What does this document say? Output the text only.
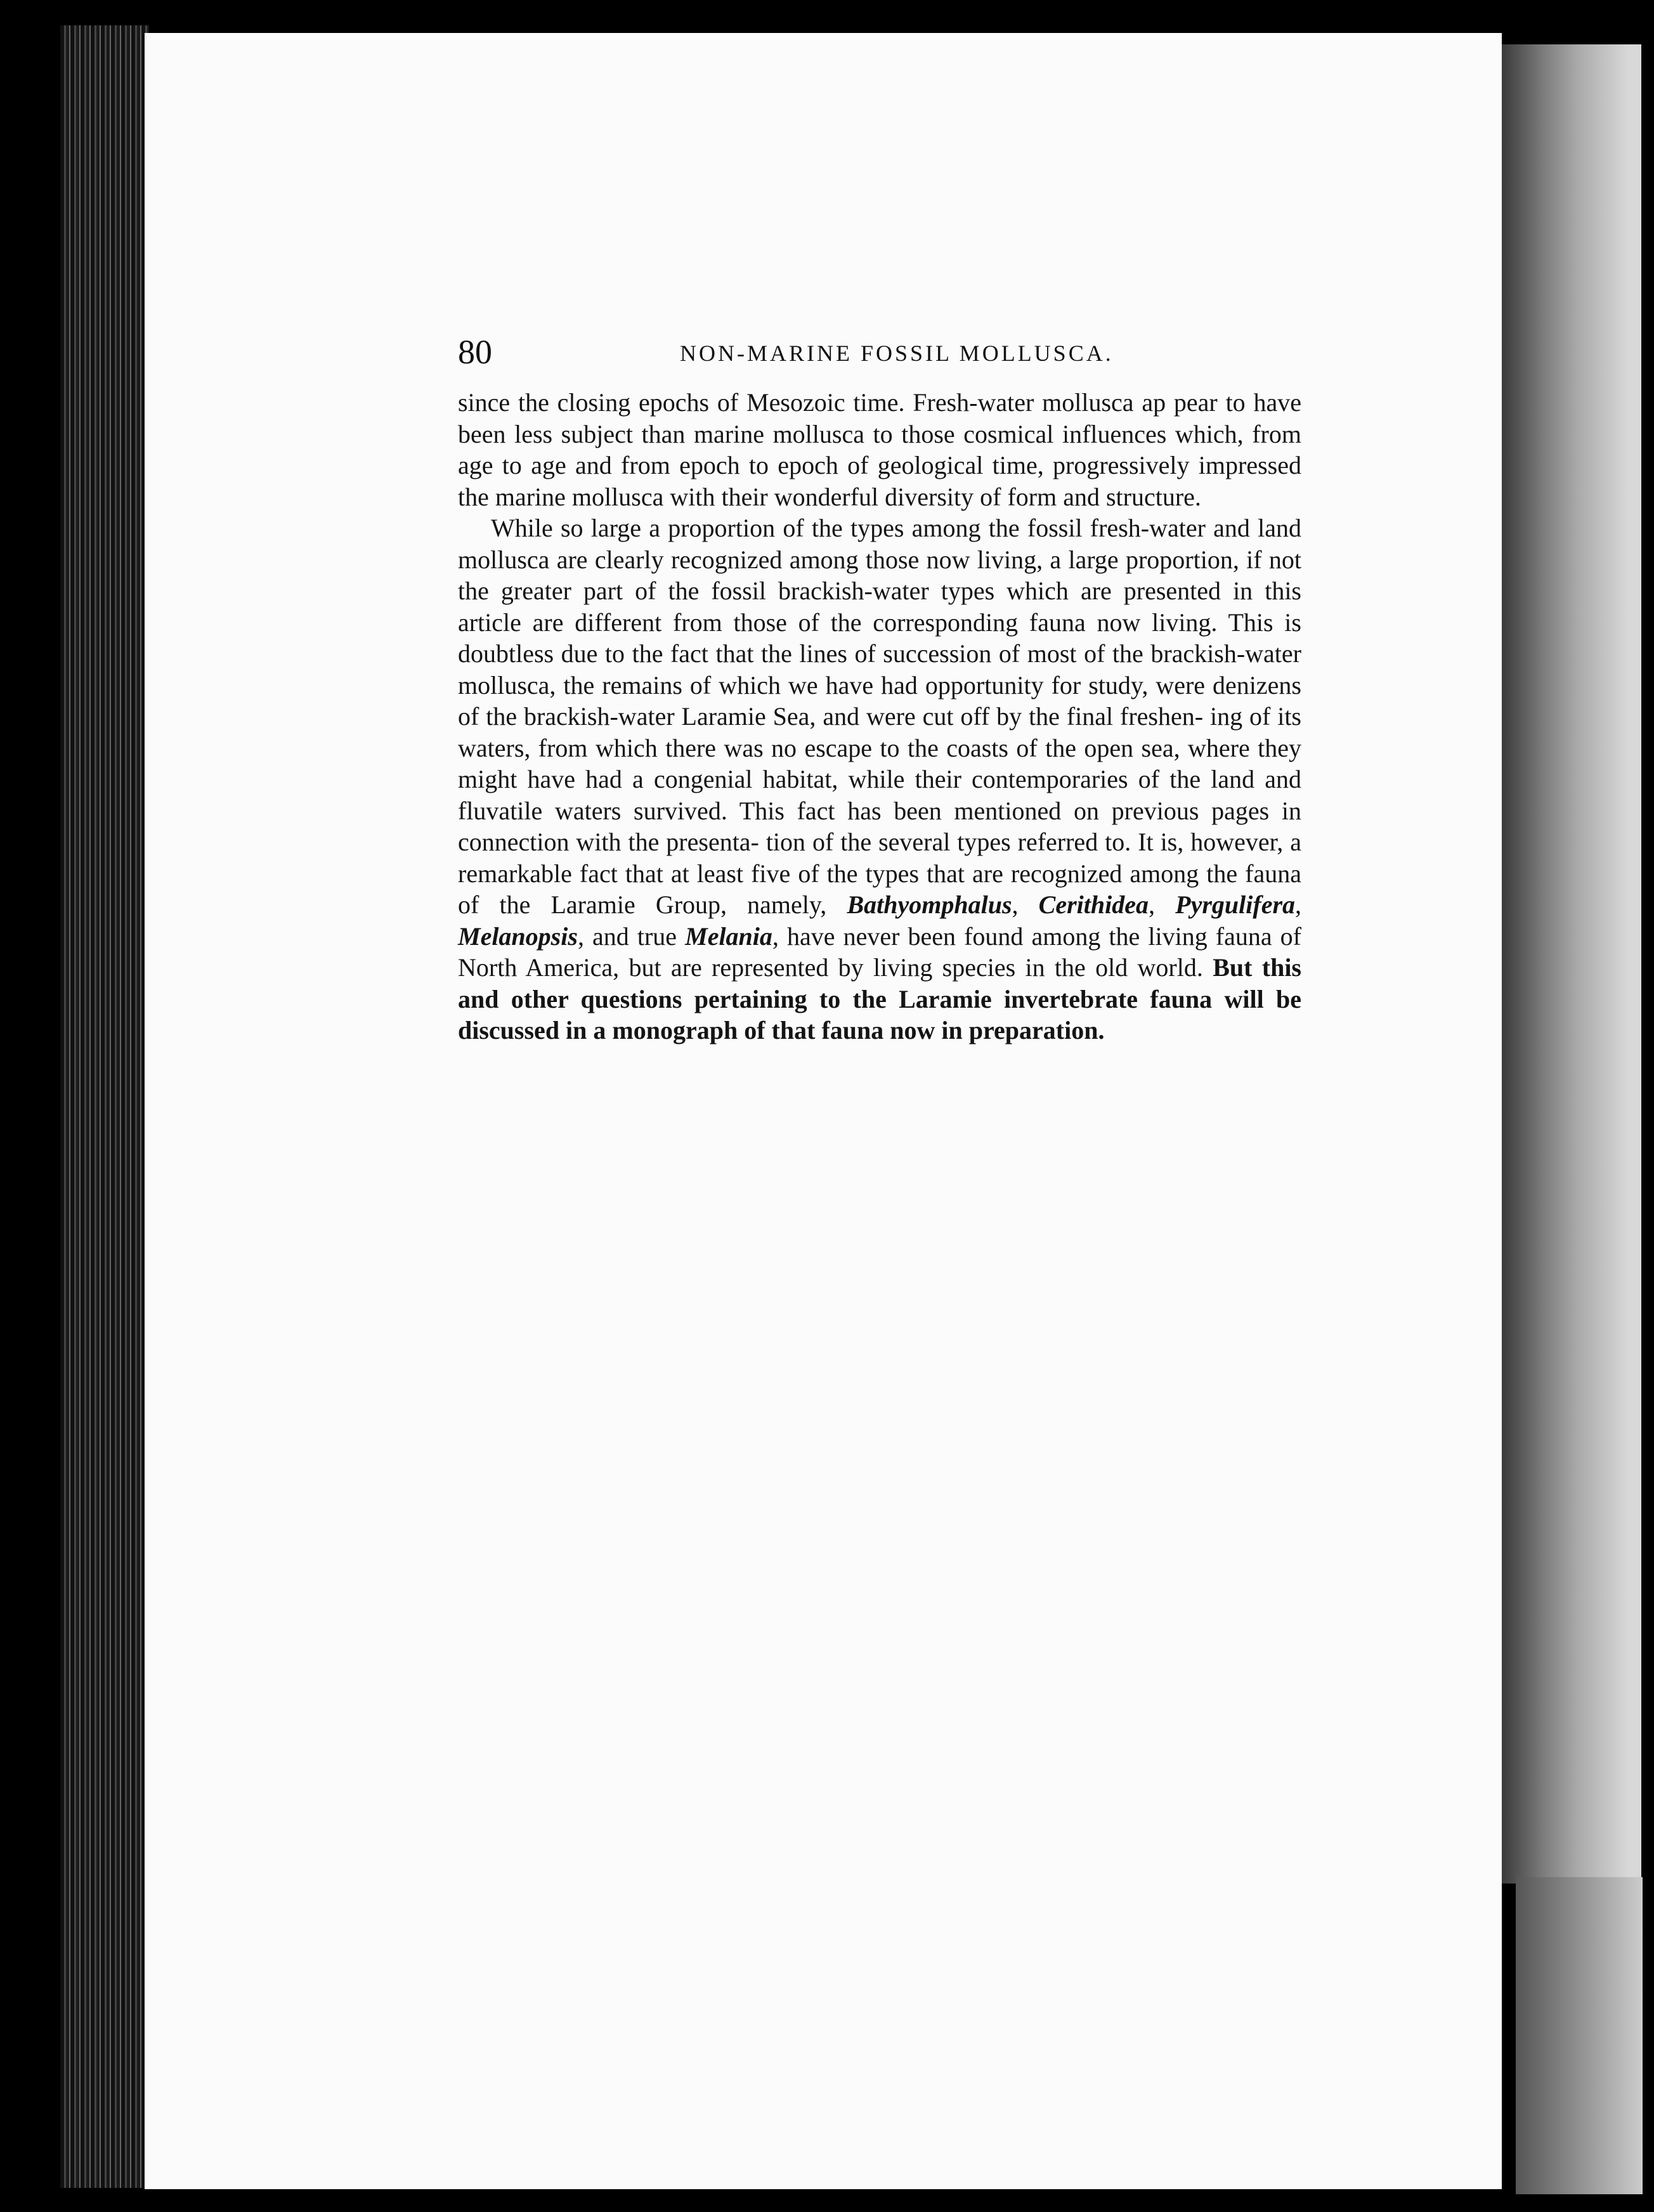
80	NON-MARINE FOSSIL MOLLUSCA.

since the closing epochs of Mesozoic time. Fresh-water mollusca ap pear to have been less subject than marine mollusca to those cosmical influences which, from age to age and from epoch to epoch of geological time, progressively impressed the marine mollusca with their wonderful diversity of form and structure.

While so large a proportion of the types among the fossil fresh-water and land mollusca are clearly recognized among those now living, a large proportion, if not the greater part of the fossil brackish-water types which are presented in this article are different from those of the corresponding fauna now living. This is doubtless due to the fact that the lines of succession of most of the brackish-water mollusca, the remains of which we have had opportunity for study, were denizens of the brackish-water Laramie Sea, and were cut off by the final freshen- ing of its waters, from which there was no escape to the coasts of the open sea, where they might have had a congenial habitat, while their contemporaries of the land and fluvatile waters survived. This fact has been mentioned on previous pages in connection with the presenta- tion of the several types referred to. It is, however, a remarkable fact that at least five of the types that are recognized among the fauna of the Laramie Group, namely, Bathyomphalus, Cerithidea, Pyrgulifera, Melanopsis, and true Melania, have never been found among the living fauna of North America, but are represented by living species in the old world. But this and other questions pertaining to the Laramie invertebrate fauna will be discussed in a monograph of that fauna now in preparation.
